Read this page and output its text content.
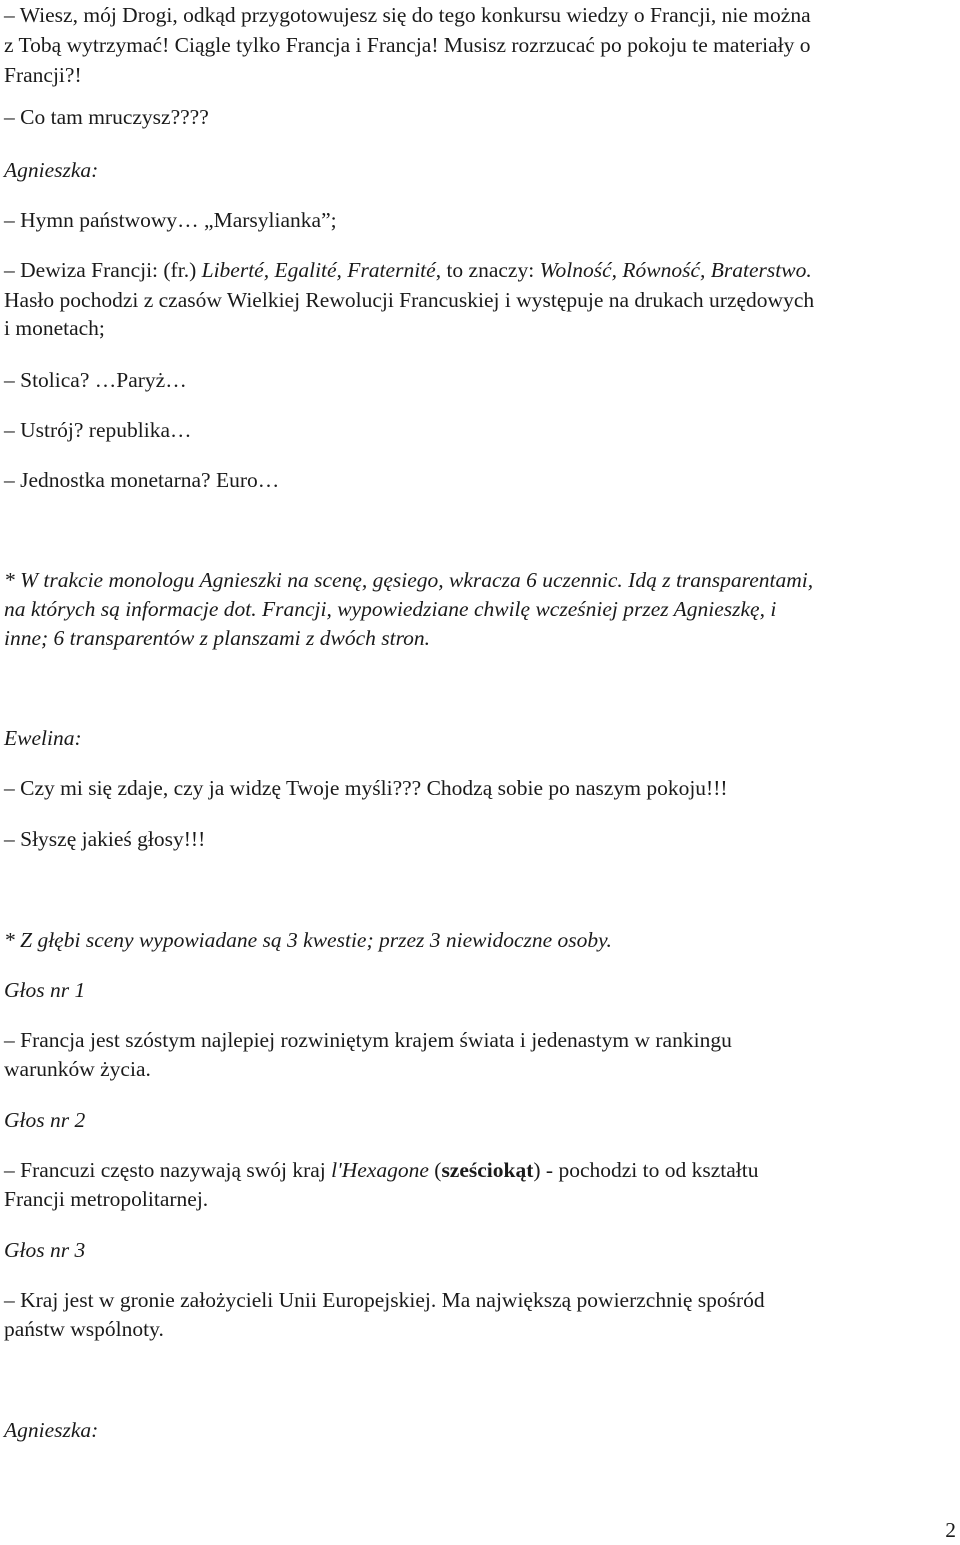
– Wiesz, mój Drogi, odkąd przygotowujesz się do tego konkursu wiedzy o Francji, nie można
z Tobą wytrzymać! Ciągle tylko Francja i Francja! Musisz rozrzucać po pokoju te materiały o
Francji?!
– Co tam mruczysz????
Agnieszka:
– Hymn państwowy… „Marsylianka”;
– Dewiza Francji: (fr.) Liberté, Egalité, Fraternité, to znaczy: Wolność, Równość, Braterstwo.
Hasło pochodzi z czasów Wielkiej Rewolucji Francuskiej i występuje na drukach urzędowych
i monetach;
– Stolica? …Paryż…
– Ustrój? republika…
– Jednostka monetarna? Euro…
* W trakcie monologu Agnieszki na scenę, gęsiego, wkracza 6 uczennic. Idą z transparentami,
na których są informacje dot. Francji, wypowiedziane chwilę wcześniej przez Agnieszkę, i
inne; 6 transparentów z planszami z dwóch stron.
Ewelina:
– Czy mi się zdaje, czy ja widzę Twoje myśli??? Chodzą sobie po naszym pokoju!!!
– Słyszę jakieś głosy!!!
* Z głębi sceny wypowiadane są 3 kwestie; przez 3 niewidoczne osoby.
Głos nr 1
– Francja jest szóstym najlepiej rozwiniętym krajem świata i jedenastym w rankingu
warunków życia.
Głos nr 2
– Francuzi często nazywają swój kraj l'Hexagone (sześciokąt) - pochodzi to od kształtu
Francji metropolitarnej.
Głos nr 3
– Kraj jest w gronie założycieli Unii Europejskiej. Ma największą powierzchnię spośród
państw wspólnoty.
Agnieszka:
2
